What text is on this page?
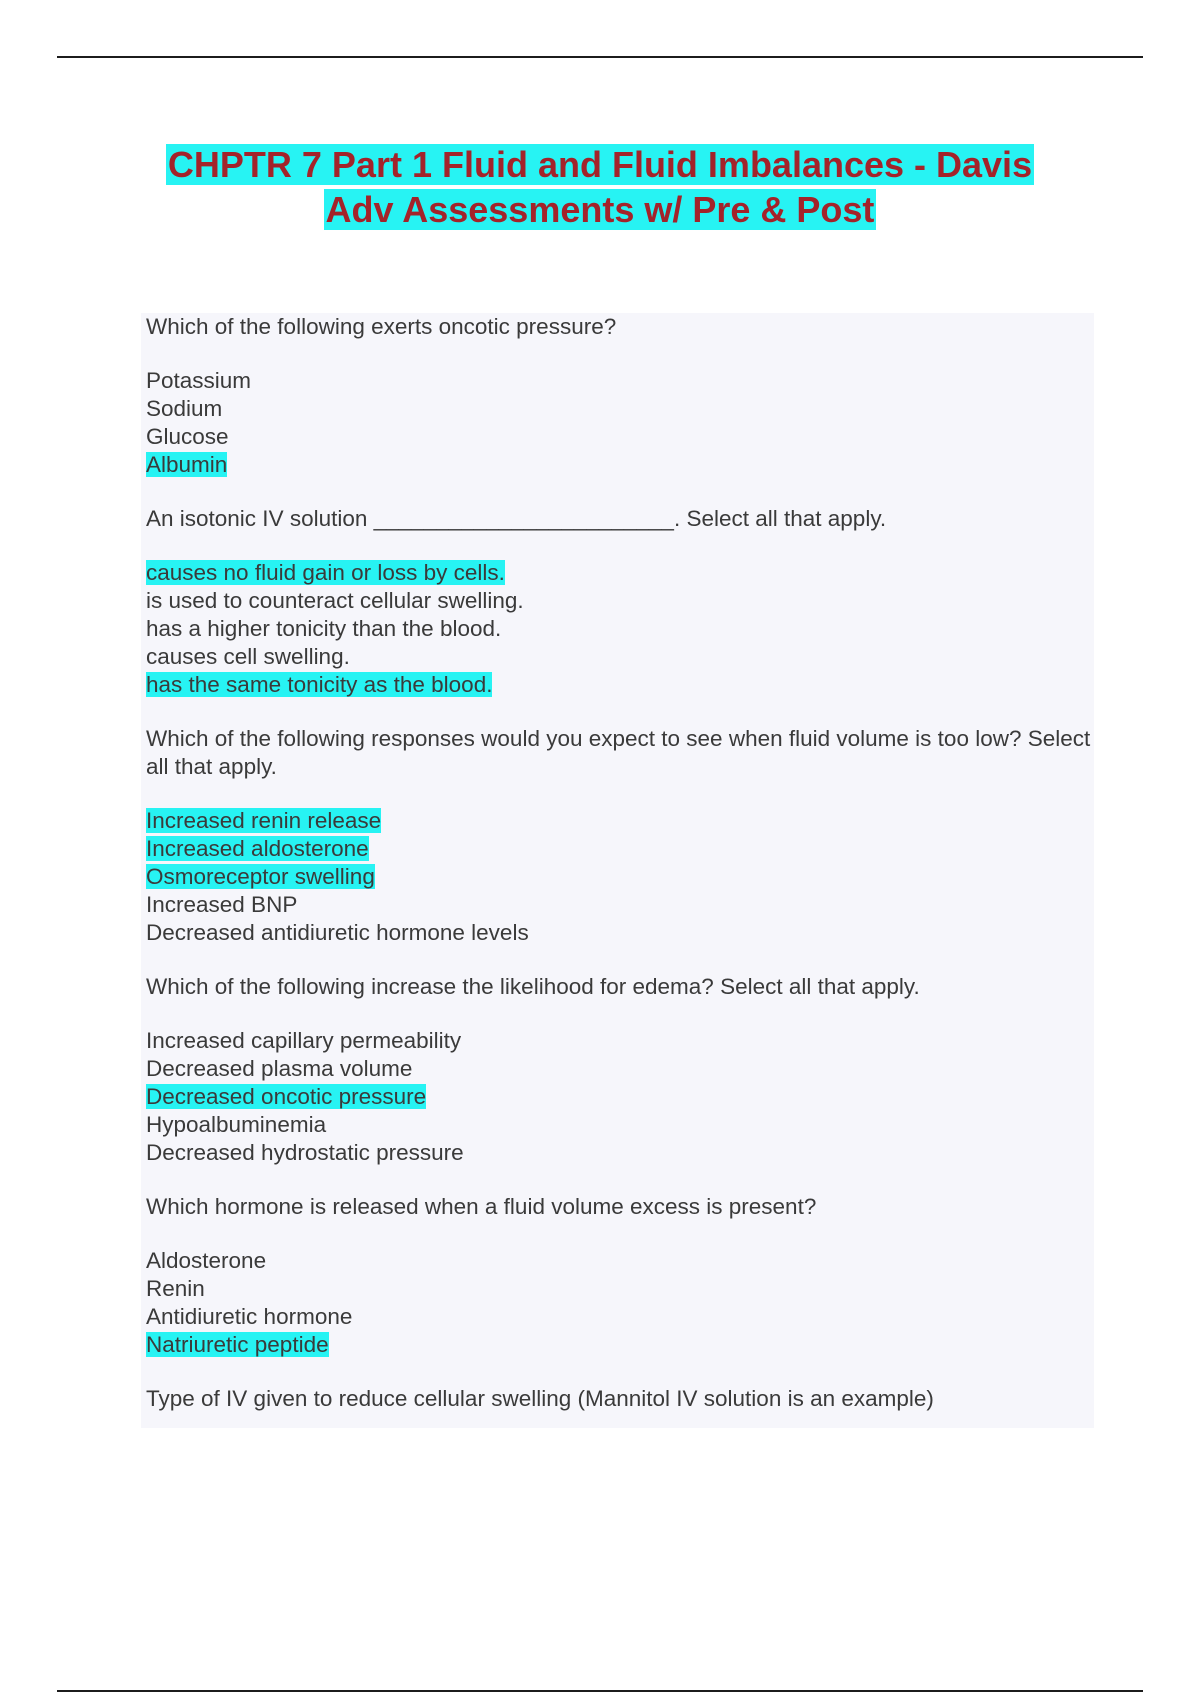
CHPTR 7 Part 1 Fluid and Fluid Imbalances - Davis
Adv Assessments w/ Pre & Post
Which of the following exerts oncotic pressure?
Potassium
Sodium
Glucose
Albumin
An isotonic IV solution ________________________. Select all that apply.
causes no fluid gain or loss by cells.
is used to counteract cellular swelling.
has a higher tonicity than the blood.
causes cell swelling.
has the same tonicity as the blood.
Which of the following responses would you expect to see when fluid volume is too low? Select all that apply.
Increased renin release
Increased aldosterone
Osmoreceptor swelling
Increased BNP
Decreased antidiuretic hormone levels
Which of the following increase the likelihood for edema? Select all that apply.
Increased capillary permeability
Decreased plasma volume
Decreased oncotic pressure
Hypoalbuminemia
Decreased hydrostatic pressure
Which hormone is released when a fluid volume excess is present?
Aldosterone
Renin
Antidiuretic hormone
Natriuretic peptide
Type of IV given to reduce cellular swelling (Mannitol IV solution is an example)
